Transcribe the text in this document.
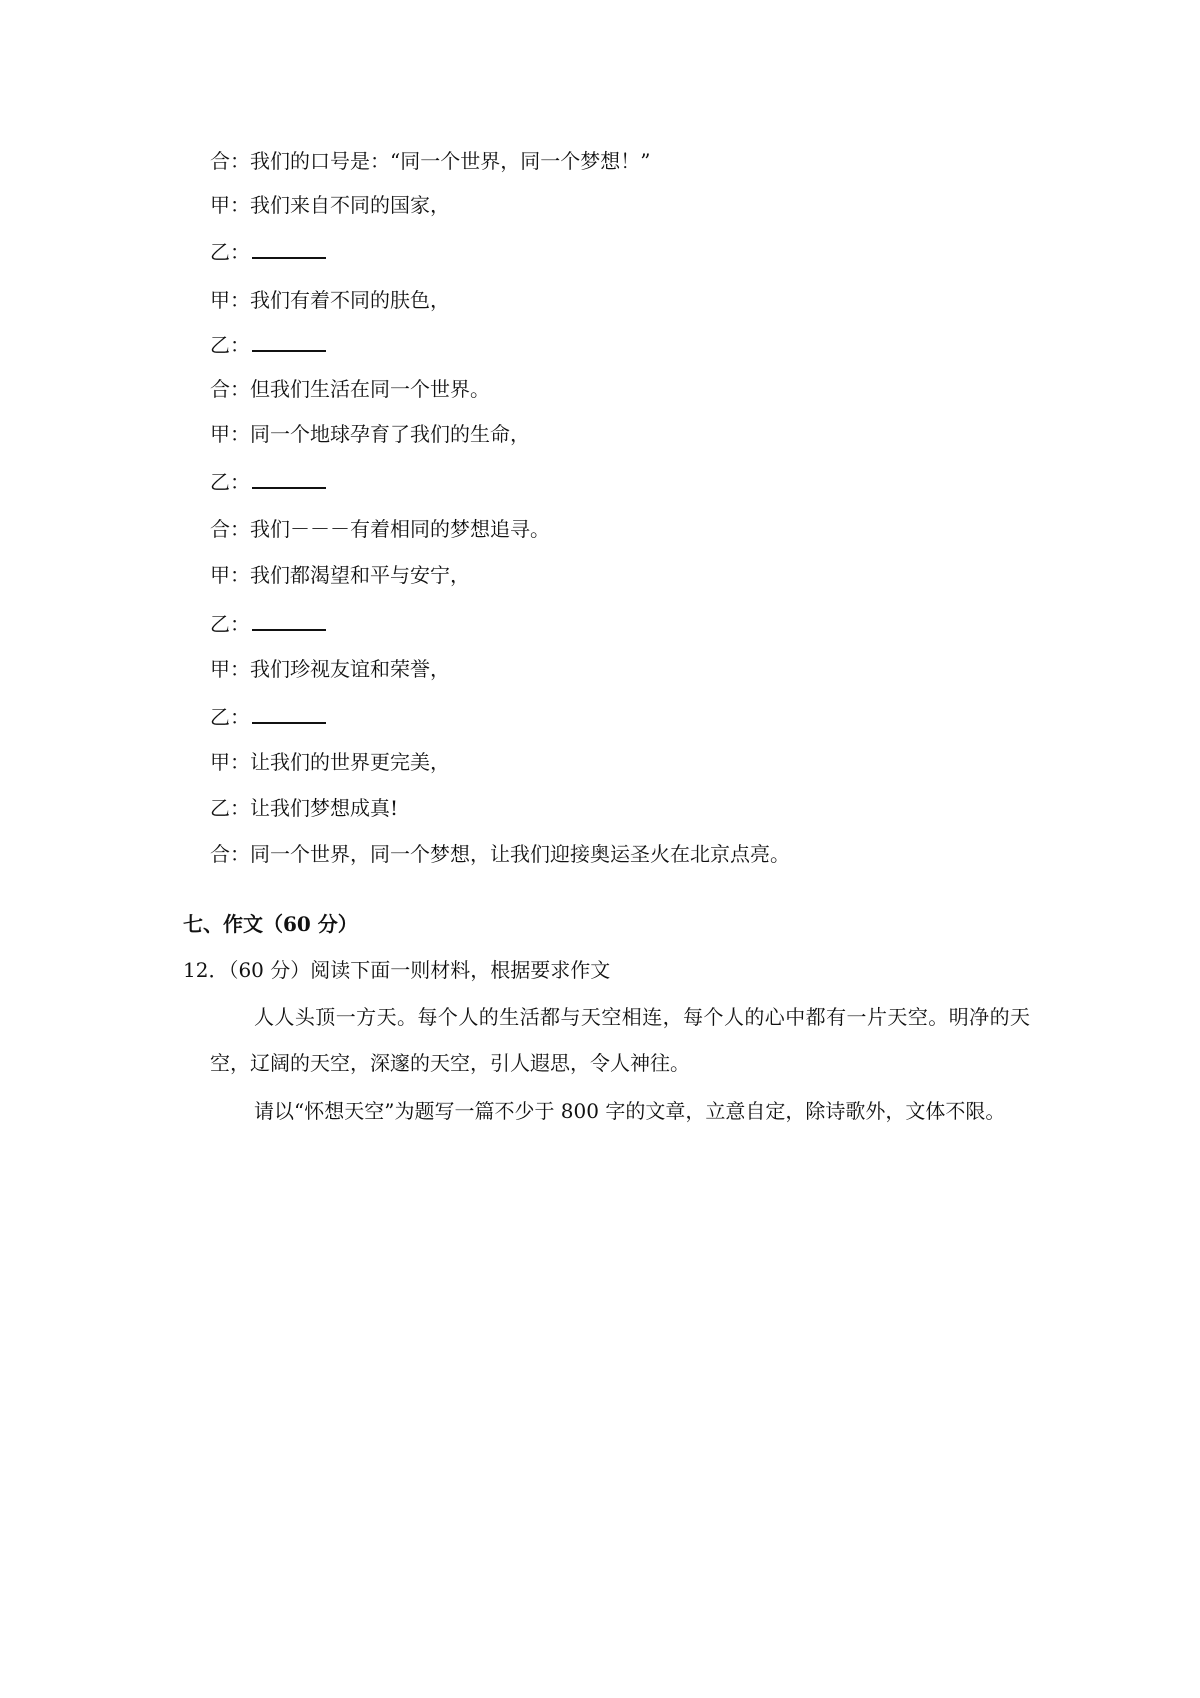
合：我们的口号是：“同一个世界，同一个梦想！”
甲：我们来自不同的国家，
乙：
甲：我们有着不同的肤色，
乙：
合：但我们生活在同一个世界。
甲：同一个地球孕育了我们的生命，
乙：
合：我们－－－有着相同的梦想追寻。
甲：我们都渴望和平与安宁，
乙：
甲：我们珍视友谊和荣誉，
乙：
甲：让我们的世界更完美，
乙：让我们梦想成真!
合：同一个世界，同一个梦想，让我们迎接奥运圣火在北京点亮。
七、作文（60 分）
12．（60 分）阅读下面一则材料，根据要求作文
人人头顶一方天。每个人的生活都与天空相连，每个人的心中都有一片天空。明净的天空，辽阔的天空，深邃的天空，引人遐思，令人神往。
请以“怀想天空”为题写一篇不少于 800 字的文章，立意自定，除诗歌外，文体不限。
